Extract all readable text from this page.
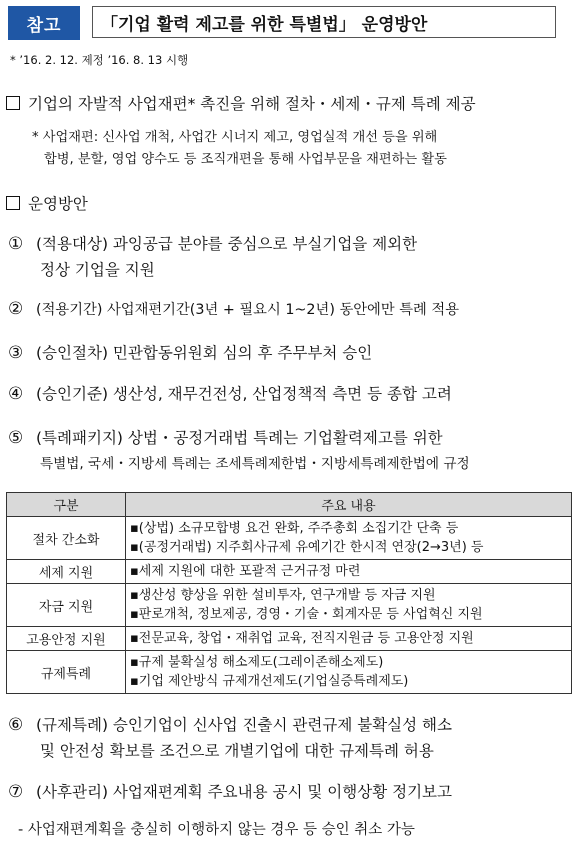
참고	「기업 활력 제고를 위한 특별법」 운영방안
* ’16. 2. 12. 제정 ’16. 8. 13 시행
기업의 자발적 사업재편* 촉진을 위해 절차・세제・규제 특례 제공
* 사업재편: 신사업 개척, 사업간 시너지 제고, 영업실적 개선 등을 위해
합병, 분할, 영업 양수도 등 조직개편을 통해 사업부문을 재편하는 활동
운영방안
① (적용대상) 과잉공급 분야를 중심으로 부실기업을 제외한
정상 기업을 지원
② (적용기간) 사업재편기간(3년 + 필요시 1~2년) 동안에만 특례 적용
③ (승인절차) 민관합동위원회 심의 후 주무부처 승인
④ (승인기준) 생산성, 재무건전성, 산업정책적 측면 등 종합 고려
⑤ (특례패키지) 상법・공정거래법 특례는 기업활력제고를 위한
특별법, 국세・지방세 특례는 조세특례제한법・지방세특례제한법에 규정
구분	주요 내용
절차 간소화	▪(상법) 소규모합병 요건 완화, 주주총회 소집기간 단축 등
▪(공정거래법) 지주회사규제 유예기간 한시적 연장(2→3년) 등

세제 지원	▪세제 지원에 대한 포괄적 근거규정 마련

자금 지원	▪생산성 향상을 위한 설비투자, 연구개발 등 자금 지원
▪판로개척, 정보제공, 경영・기술・회계자문 등 사업혁신 지원

고용안정 지원	▪전문교육, 창업・재취업 교육, 전직지원금 등 고용안정 지원

규제특례	▪규제 불확실성 해소제도(그레이존해소제도)
▪기업 제안방식 규제개선제도(기업실증특례제도)
⑥ (규제특례) 승인기업이 신사업 진출시 관련규제 불확실성 해소
및 안전성 확보를 조건으로 개별기업에 대한 규제특례 허용
⑦ (사후관리) 사업재편계획 주요내용 공시 및 이행상황 정기보고
- 사업재편계획을 충실히 이행하지 않는 경우 등 승인 취소 가능
